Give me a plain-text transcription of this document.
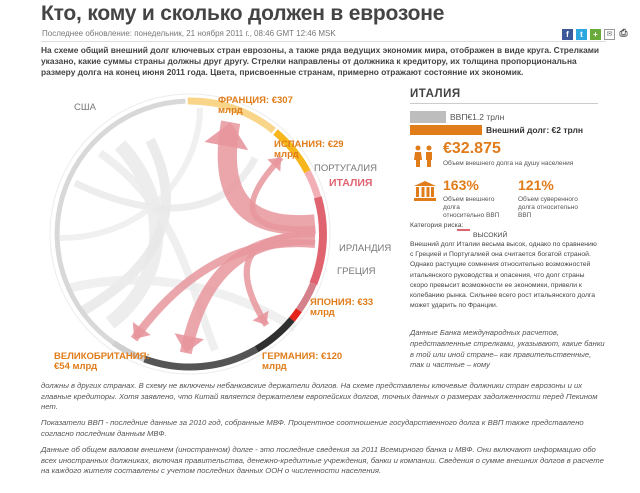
Кто, кому и сколько должен в еврозоне
Последнее обновление: понедельник, 21 ноября 2011 г., 08:46 GMT 12:46 MSK	f	t	+	✉ ⎙
На схеме общий внешний долг ключевых стран еврозоны, а также ряда ведущих экономик мира, отображен в виде круга. Стрелками указано, какие суммы страны должны друг другу. Стрелки направлены от должника к кредитору, их толщина пропорциональна размеру долга на конец июня 2011 года. Цвета, присвоенные странам, примерно отражают состояние их экономик.
США
ФРАНЦИЯ: €307
млрд
ИСПАНИЯ: €29
млрд
ПОРТУГАЛИЯ
ИТАЛИЯ
ИРЛАНДИЯ
ГРЕЦИЯ
ЯПОНИЯ: €33
млрд
ГЕРМАНИЯ: €120
млрд
ВЕЛИКОБРИТАНИЯ:
€54 млрд
ИТАЛИЯ
ВВП€1.2 трлн
Внешний долг: €2 трлн
€32.875
Объем внешнего долга на душу населения
163%
Объем внешнего долга относительно ВВП
121%
Объем суверенного долга относительно ВВП
Категория риска:
ВЫСОКИЙ
Внешний долг Италии весьма высок, однако по сравнению с Грецией и Португалией она считается богатой страной. Однако растущие сомнения относительно возможностей итальянского руководства и опасения, что долг страны скоро превысит возможности ее экономики, привели к колебанию рынка. Сильнее всего рост итальянского долга может ударить по Франции.
Данные Банка международных расчетов, представленные стрелками, указывают, какие банки в той или иной стране– как правительственные, так и частные – кому
должны в других странах. В схему не включены небанковские держатели долгов. На схеме представлены ключевые должники стран еврозоны и их главные кредиторы. Хотя заявлено, что Китай является держателем европейских долгов, точных данных о размерах задолженности перед Пекином нет.
Показатели ВВП - последние данные за 2010 год, собранные МВФ. Процентное соотношение государственного долга к ВВП также представлено согласно последним данным МВФ.
Данные об общем валовом внешнем (иностранном) долге - это последние сведения за 2011 Всемирного банка и МВФ. Они включают информацию обо всех иностранных должниках, включая правительства, денежно-кредитные учреждения, банки и компании. Сведения о сумме внешних долгов в расчете на каждого жителя составлены с учетом последних данных ООН о численности населения.
